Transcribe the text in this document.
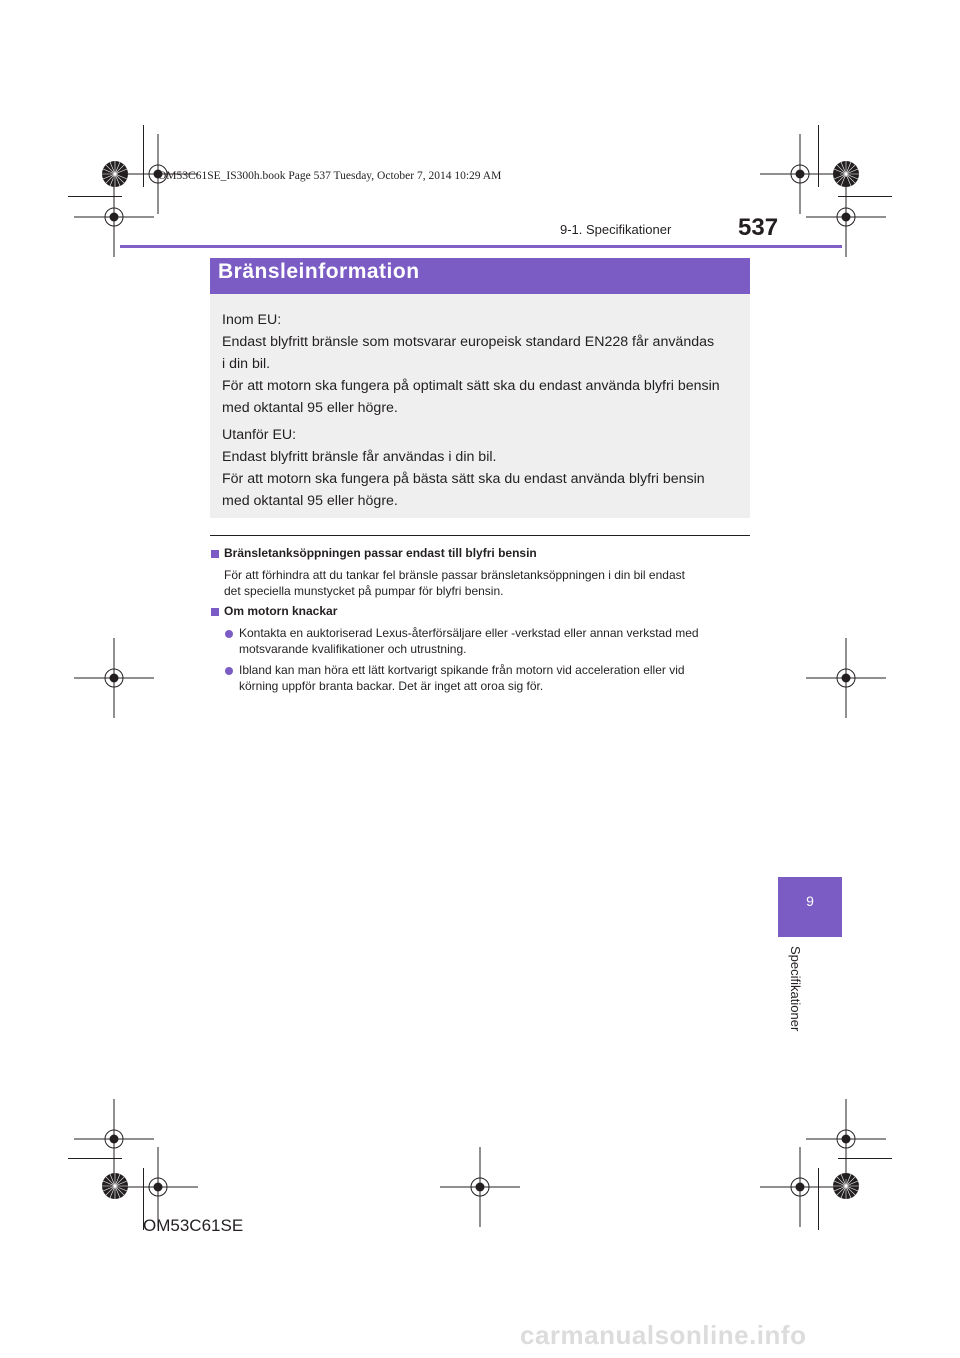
OM53C61SE_IS300h.book Page 537 Tuesday, October 7, 2014 10:29 AM
9-1. Specifikationer	537
Bränsleinformation
Inom EU:
Endast blyfritt bränsle som motsvarar europeisk standard EN228 får användas
i din bil.
För att motorn ska fungera på optimalt sätt ska du endast använda blyfri bensin
med oktantal 95 eller högre.
Utanför EU:
Endast blyfritt bränsle får användas i din bil.
För att motorn ska fungera på bästa sätt ska du endast använda blyfri bensin
med oktantal 95 eller högre.
Bränsletanksöppningen passar endast till blyfri bensin
För att förhindra att du tankar fel bränsle passar bränsletanksöppningen i din bil endast
det speciella munstycket på pumpar för blyfri bensin.
Om motorn knackar
Kontakta en auktoriserad Lexus-återförsäljare eller -verkstad eller annan verkstad med
motsvarande kvalifikationer och utrustning.
Ibland kan man höra ett lätt kortvarigt spikande från motorn vid acceleration eller vid
körning uppför branta backar. Det är inget att oroa sig för.
9
Specifikationer
OM53C61SE
carmanualsonline.info
